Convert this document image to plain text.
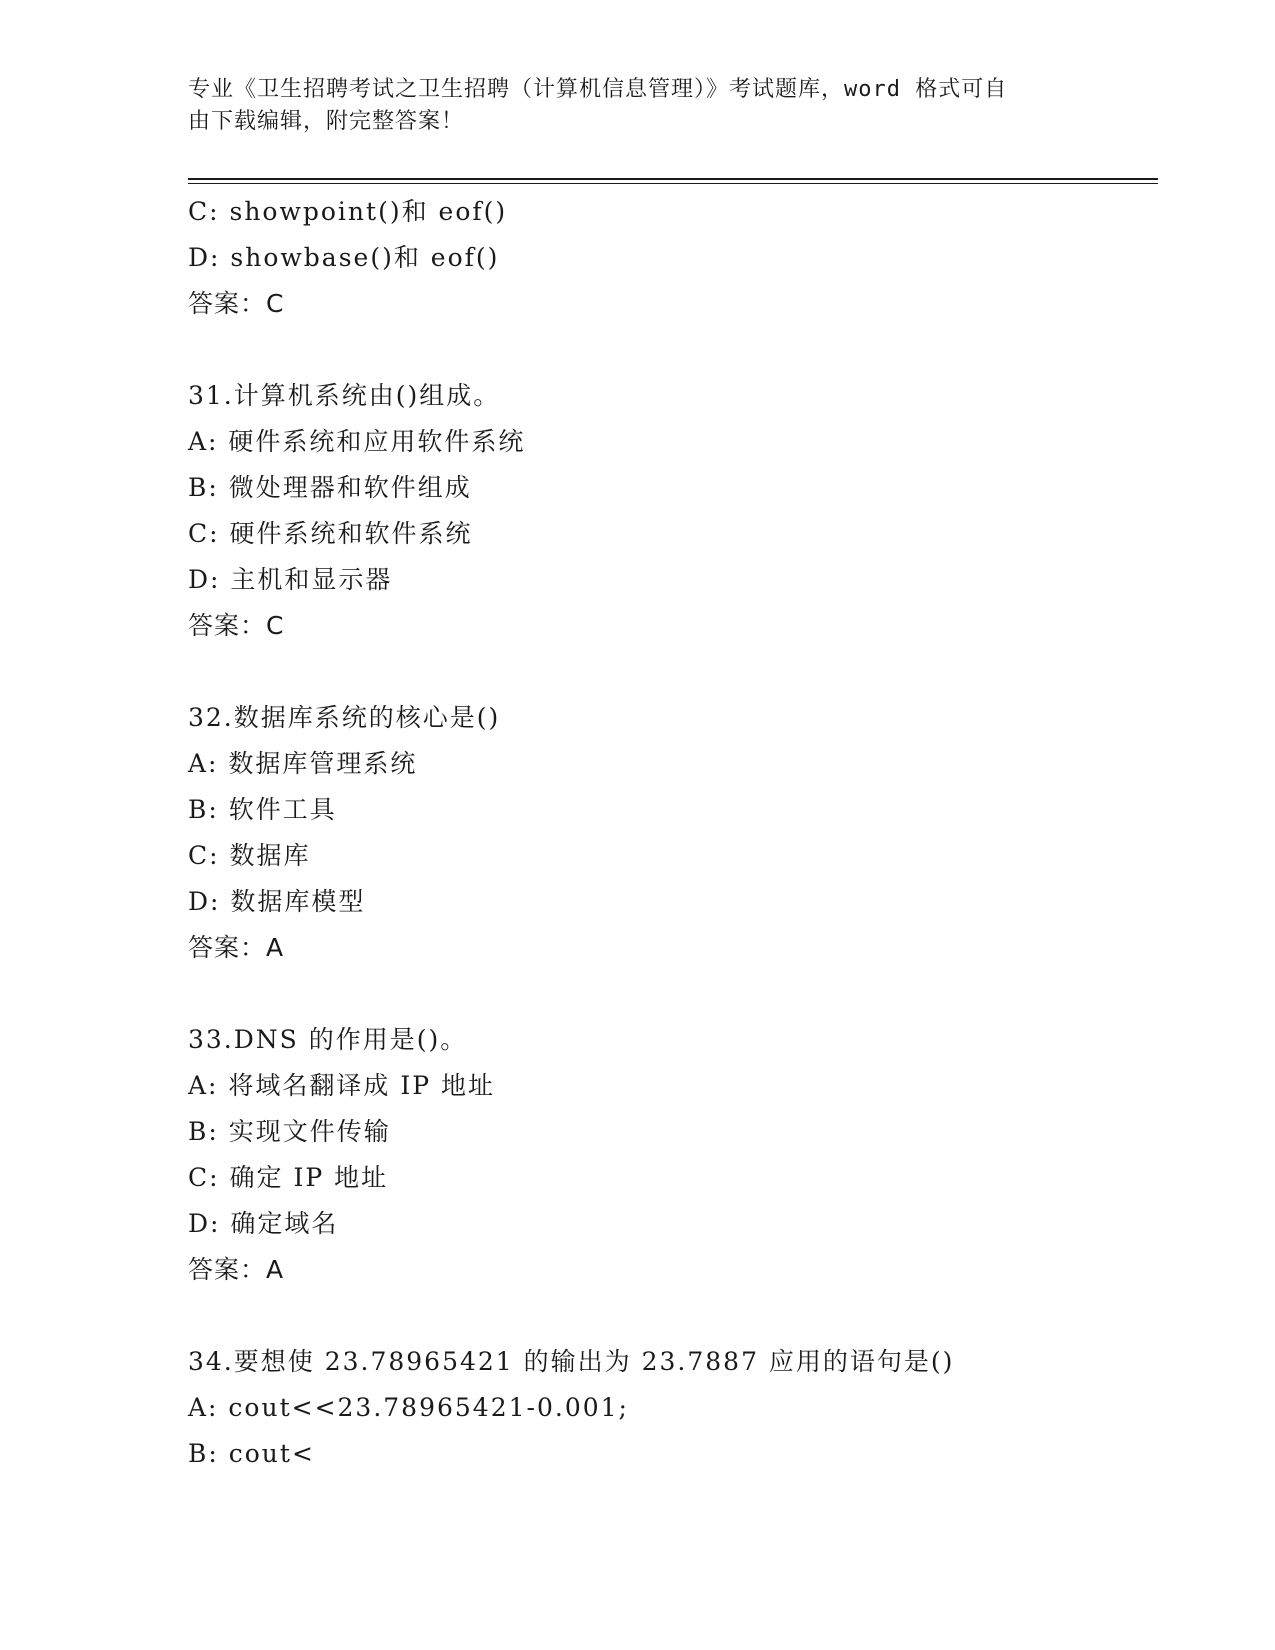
专业《卫生招聘考试之卫生招聘（计算机信息管理）》考试题库，word 格式可自
由下载编辑，附完整答案！
C: showpoint()和 eof()
D: showbase()和 eof()
答案：C
31.计算机系统由()组成。
A: 硬件系统和应用软件系统
B: 微处理器和软件组成
C: 硬件系统和软件系统
D: 主机和显示器
答案：C
32.数据库系统的核心是()
A: 数据库管理系统
B: 软件工具
C: 数据库
D: 数据库模型
答案：A
33.DNS 的作用是()。
A: 将域名翻译成 IP 地址
B: 实现文件传输
C: 确定 IP 地址
D: 确定域名
答案：A
34.要想使 23.78965421 的输出为 23.7887 应用的语句是()
A: cout<<23.78965421-0.001;
B: cout<
